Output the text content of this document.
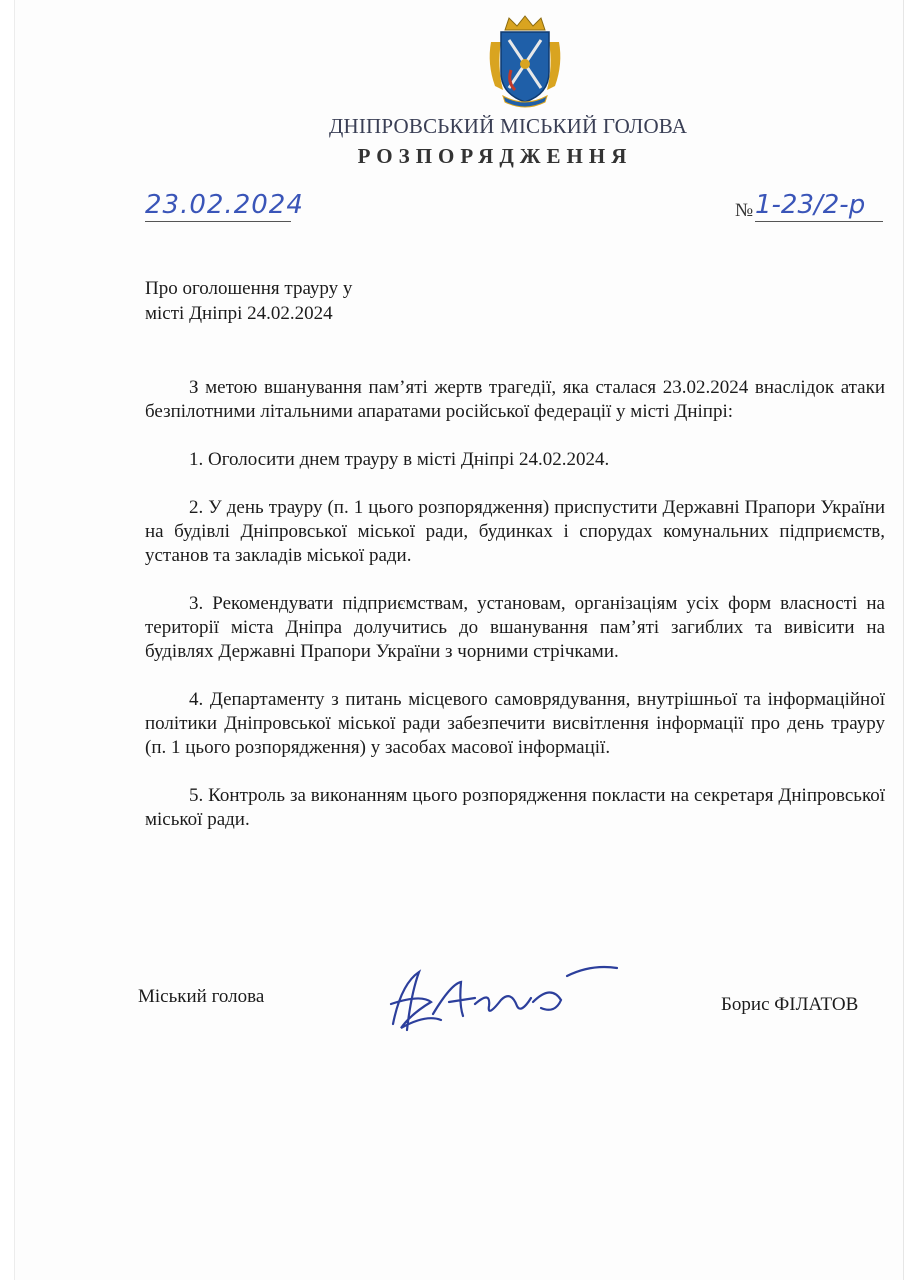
ДНІПРОВСЬКИЙ МІСЬКИЙ ГОЛОВА
РОЗПОРЯДЖЕННЯ
23.02.2024	№ 1-23/2-р
Про оголошення трауру у
місті Дніпрі 24.02.2024

З метою вшанування пам’яті жертв трагедії, яка сталася 23.02.2024 внаслідок атаки безпілотними літальними апаратами російської федерації у місті Дніпрі:

1. Оголосити днем трауру в місті Дніпрі 24.02.2024.

2. У день трауру (п. 1 цього розпорядження) приспустити Державні Прапори України на будівлі Дніпровської міської ради, будинках і спорудах комунальних підприємств, установ та закладів міської ради.

3. Рекомендувати підприємствам, установам, організаціям усіх форм власності на території міста Дніпра долучитись до вшанування пам’яті загиблих та вивісити на будівлях Державні Прапори України з чорними стрічками.

4. Департаменту з питань місцевого самоврядування, внутрішньої та інформаційної політики Дніпровської міської ради забезпечити висвітлення інформації про день трауру (п. 1 цього розпорядження) у засобах масової інформації.

5. Контроль за виконанням цього розпорядження покласти на секретаря Дніпровської міської ради.

Міський голова	Борис ФІЛАТОВ
